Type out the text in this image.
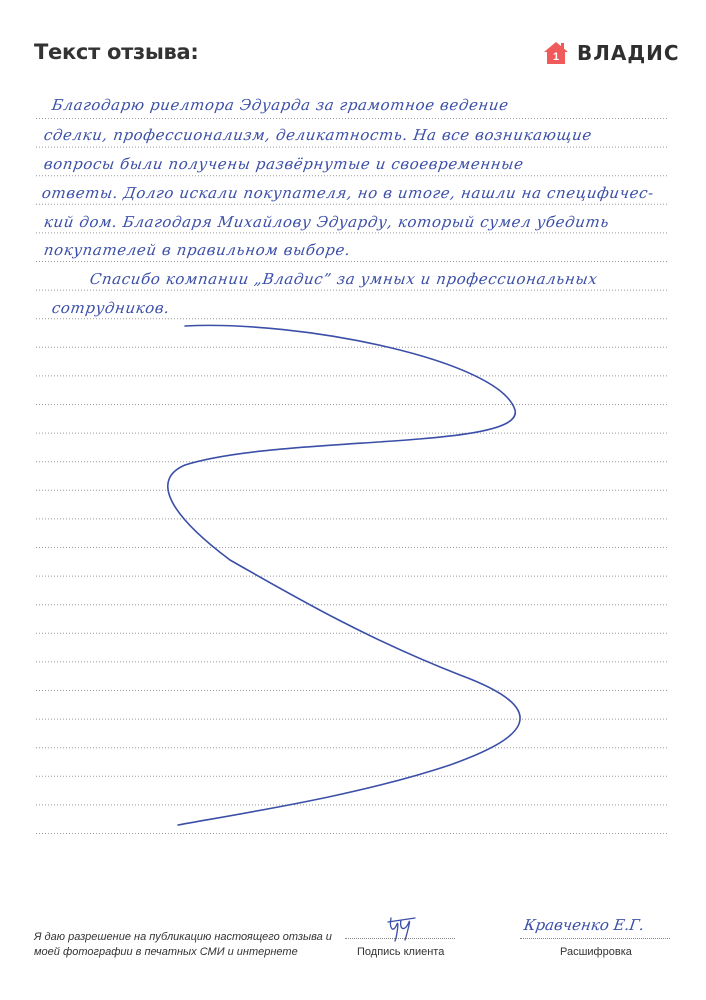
Текст отзыва:	1 ВЛАДИС
Благодарю риелтора Эдуарда за грамотное ведение
сделки, профессионализм, деликатность. На все возникающие
вопросы были получены развёрнутые и своевременные
ответы. Долго искали покупателя, но в итоге, нашли на специфичес-
кий дом. Благодаря Михайлову Эдуарду, который сумел убедить
покупателей в правильном выборе.
Спасибо компании „Владис” за умных и профессиональных
сотрудников.
Я даю разрешение на публикацию настоящего отзыва и моей фотографии в печатных СМИ и интернете	Подпись клиента
Кравченко Е.Г.
Расшифровка
